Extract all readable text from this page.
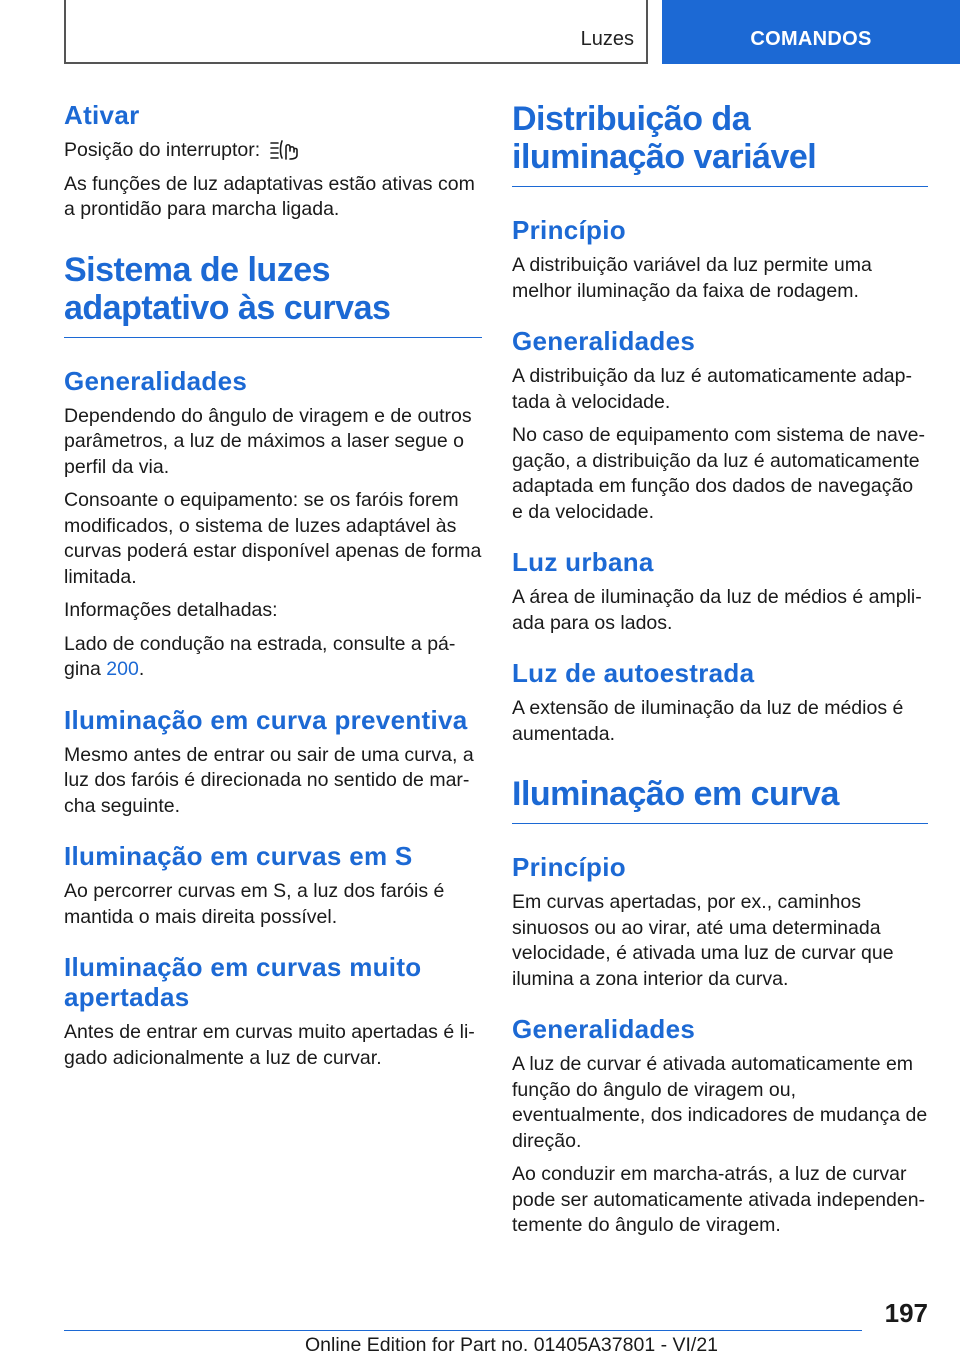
Luzes	COMANDOS
Ativar

Posição do interruptor:

As funções de luz adaptativas estão ativas com a prontidão para marcha ligada.

Sistema de luzes adaptativo às curvas
Generalidades

Dependendo do ângulo de viragem e de outros parâmetros, a luz de máximos a laser segue o perfil da via.

Consoante o equipamento: se os faróis forem modificados, o sistema de luzes adaptável às curvas poderá estar disponível apenas de forma limitada.

Informações detalhadas:

Lado de condução na estrada, consulte a página 200.

Iluminação em curva preventiva

Mesmo antes de entrar ou sair de uma curva, a luz dos faróis é direcionada no sentido de marcha seguinte.

Iluminação em curvas em S

Ao percorrer curvas em S, a luz dos faróis é mantida o mais direita possível.

Iluminação em curvas muito apertadas

Antes de entrar em curvas muito apertadas é ligado adicionalmente a luz de curvar.

Distribuição da iluminação variável
Princípio

A distribuição variável da luz permite uma melhor iluminação da faixa de rodagem.

Generalidades

A distribuição da luz é automaticamente adaptada à velocidade.

No caso de equipamento com sistema de navegação, a distribuição da luz é automaticamente adaptada em função dos dados de navegação e da velocidade.

Luz urbana

A área de iluminação da luz de médios é ampliada para os lados.

Luz de autoestrada

A extensão de iluminação da luz de médios é aumentada.

Iluminação em curva
Princípio

Em curvas apertadas, por ex., caminhos sinuosos ou ao virar, até uma determinada velocidade, é ativada uma luz de curvar que ilumina a zona interior da curva.

Generalidades

A luz de curvar é ativada automaticamente em função do ângulo de viragem ou, eventualmente, dos indicadores de mudança de direção.

Ao conduzir em marcha-atrás, a luz de curvar pode ser automaticamente ativada independentemente do ângulo de viragem.

197
Online Edition for Part no. 01405A37801 - VI/21
